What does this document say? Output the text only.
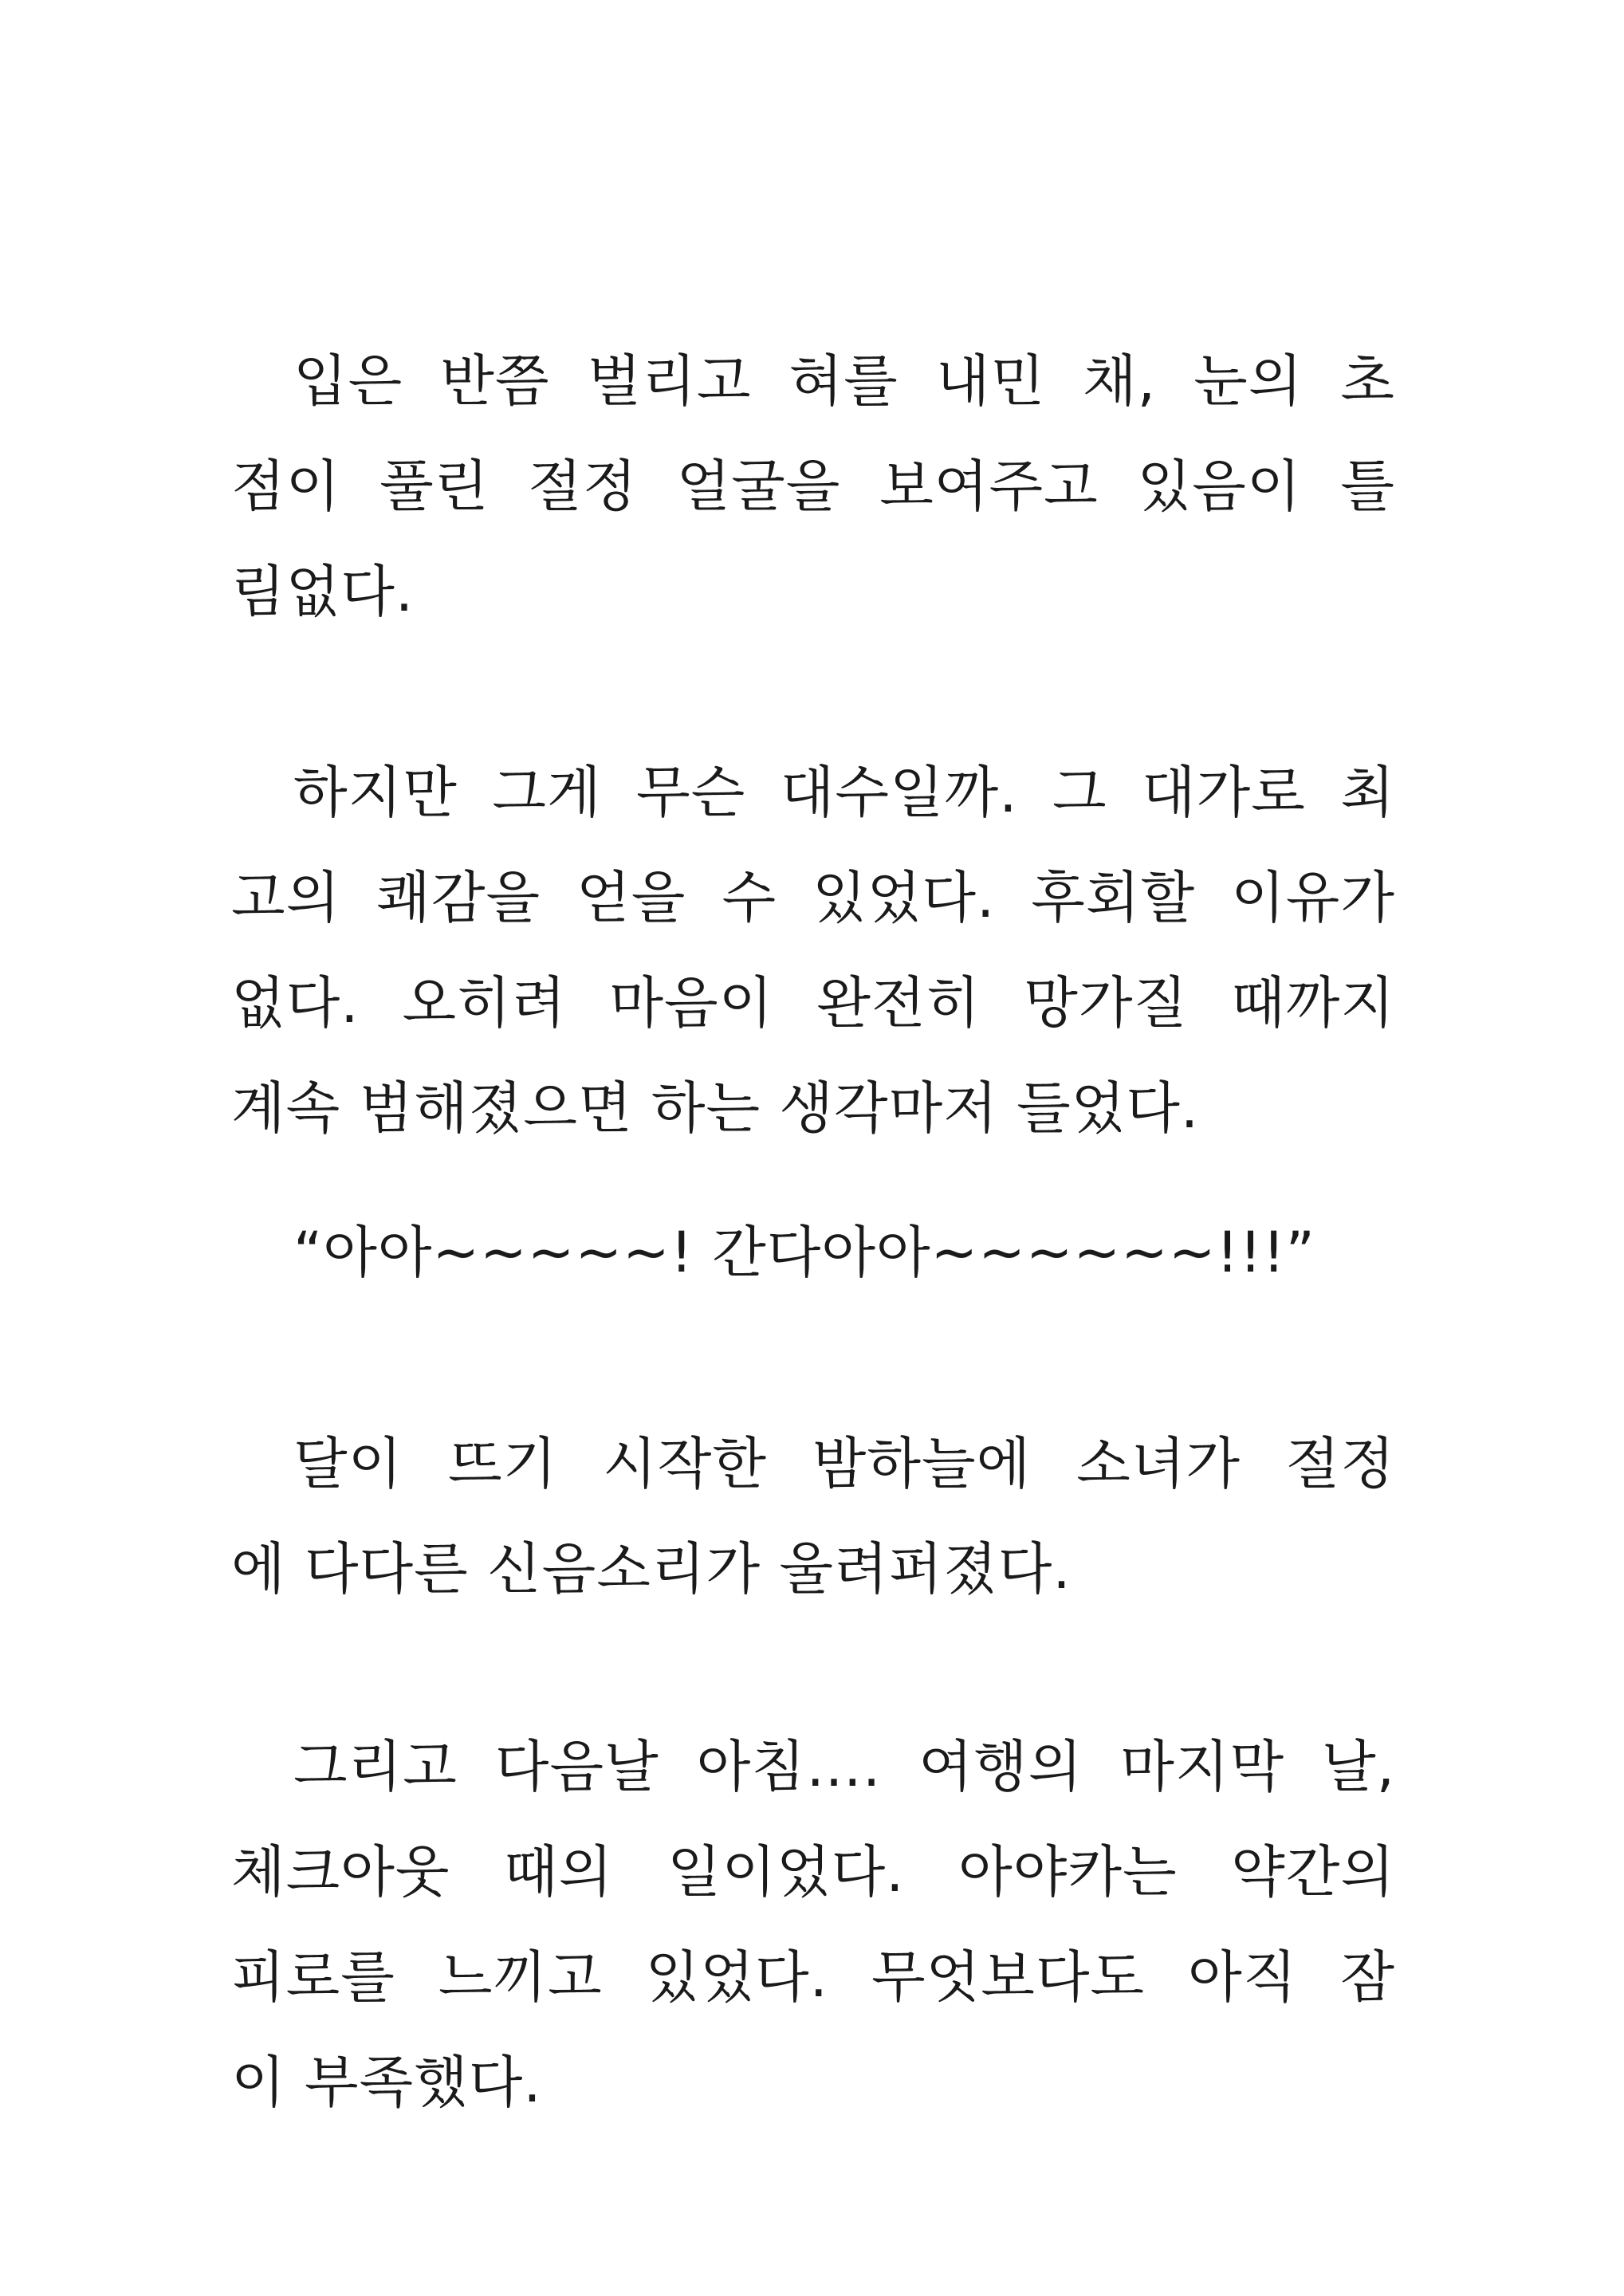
입은 반쯤 벌리고 혀를 내민 채, 눈의 초
점이 풀린 절정 얼굴을 보여주고 있음이 틀
림없다.
하지만 그게 무슨 대수일까. 그 대가로 최
고의 쾌감을 얻을 수 있었다. 후회할 이유가
없다. 오히려 마음이 완전히 망가질 때까지
계속 범해졌으면 하는 생각마저 들었다.
“아아~~~~~! 간다아아~~~~~~!!!”
달이 뜨기 시작한 밤하늘에 소녀가 절정
에 다다른 신음소리가 울려퍼졌다.
그리고 다음날 아침…. 여행의 마지막 날,
체크아웃 때의 일이었다. 아야카는 약간의
피로를 느끼고 있었다. 무엇보다도 아직 잠
이 부족했다.
